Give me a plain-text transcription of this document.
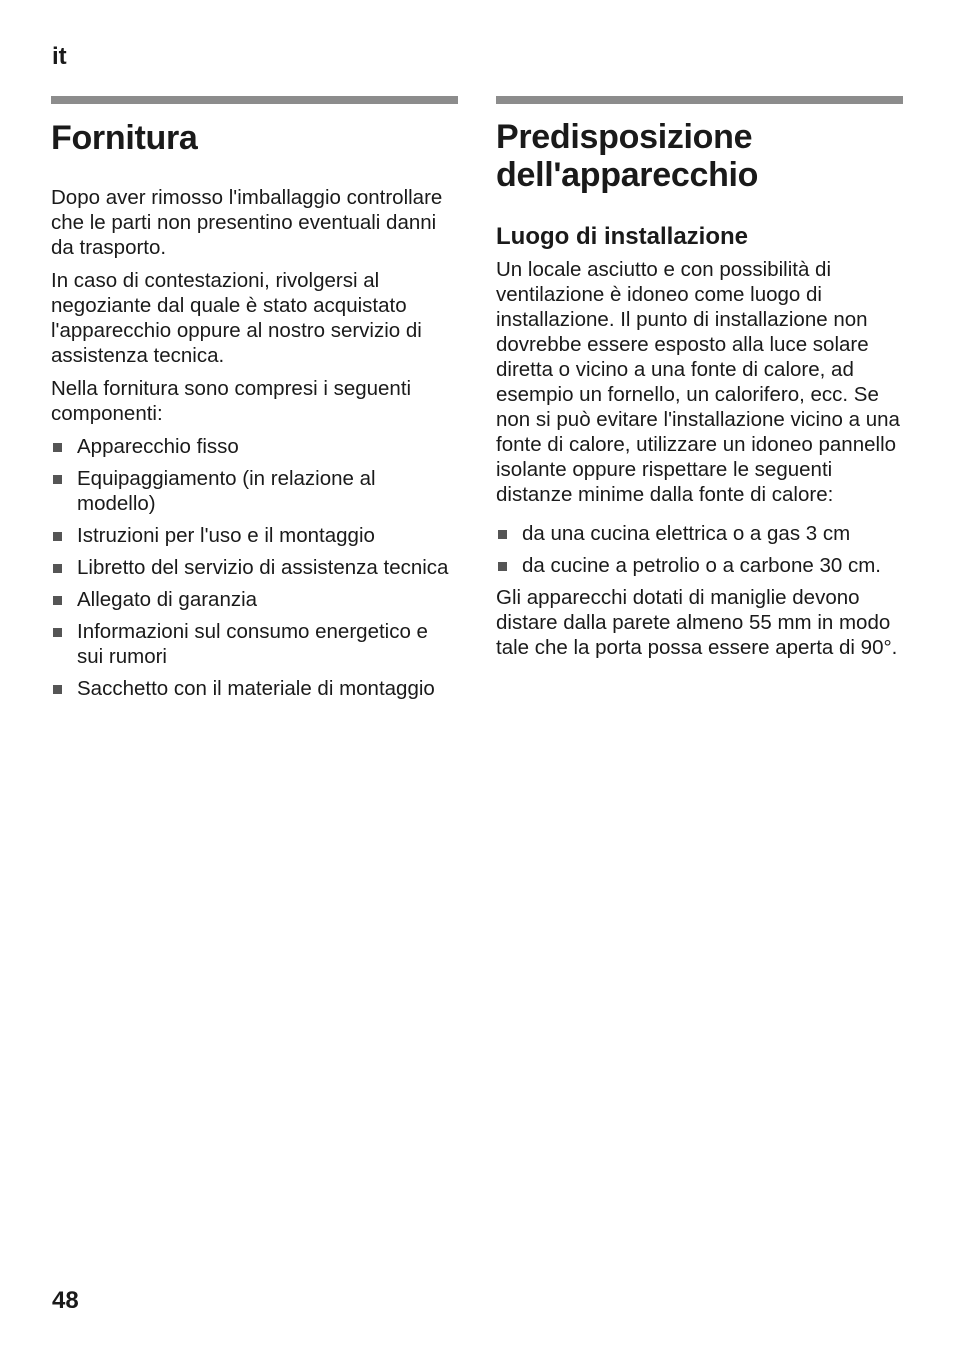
it
Fornitura

Dopo aver rimosso l'imballaggio controllare che le parti non presentino eventuali danni da trasporto.

In caso di contestazioni, rivolgersi al negoziante dal quale è stato acquistato l'apparecchio oppure al nostro servizio di assistenza tecnica.

Nella fornitura sono compresi i seguenti componenti:

Apparecchio fisso
Equipaggiamento (in relazione al modello)
Istruzioni per l'uso e il montaggio
Libretto del servizio di assistenza tecnica
Allegato di garanzia
Informazioni sul consumo energetico e sui rumori
Sacchetto con il materiale di montaggio
Predisposizione dell'apparecchio
Luogo di installazione

Un locale asciutto e con possibilità di ventilazione è idoneo come luogo di installazione. Il punto di installazione non dovrebbe essere esposto alla luce solare diretta o vicino a una fonte di calore, ad esempio un fornello, un calorifero, ecc. Se non si può evitare l'installazione vicino a una fonte di calore, utilizzare un idoneo pannello isolante oppure rispettare le seguenti distanze minime dalla fonte di calore:

da una cucina elettrica o a gas 3 cm
da cucine a petrolio o a carbone 30 cm.

Gli apparecchi dotati di maniglie devono distare dalla parete almeno 55 mm in modo tale che la porta possa essere aperta di 90°.

48
